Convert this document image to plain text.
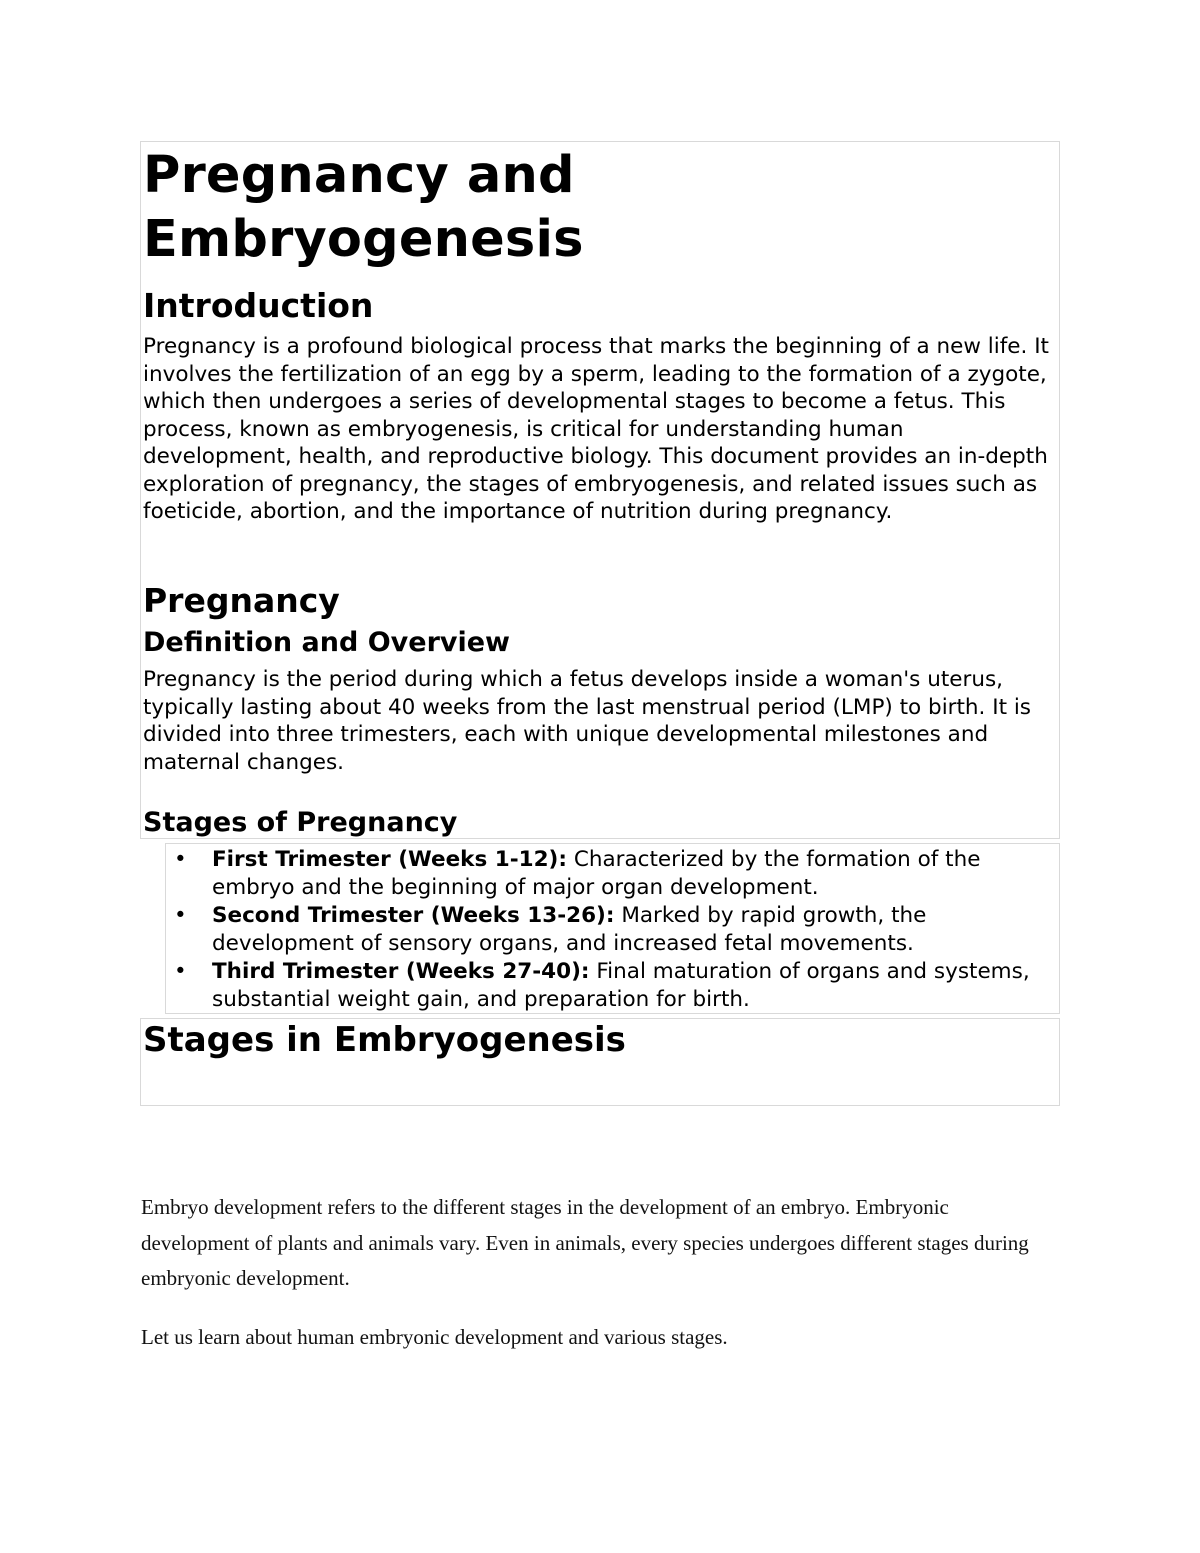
Pregnancy and
Embryogenesis
Introduction

Pregnancy is a profound biological process that marks the beginning of a new life. It involves the fertilization of an egg by a sperm, leading to the formation of a zygote, which then undergoes a series of developmental stages to become a fetus. This process, known as embryogenesis, is critical for understanding human development, health, and reproductive biology. This document provides an in-depth exploration of pregnancy, the stages of embryogenesis, and related issues such as foeticide, abortion, and the importance of nutrition during pregnancy.

Pregnancy
Definition and Overview

Pregnancy is the period during which a fetus develops inside a woman's uterus, typically lasting about 40 weeks from the last menstrual period (LMP) to birth. It is divided into three trimesters, each with unique developmental milestones and maternal changes.

Stages of Pregnancy
• First Trimester (Weeks 1-12): Characterized by the formation of the embryo and the beginning of major organ development.
• Second Trimester (Weeks 13-26): Marked by rapid growth, the development of sensory organs, and increased fetal movements.
• Third Trimester (Weeks 27-40): Final maturation of organs and systems, substantial weight gain, and preparation for birth.
Stages in Embryogenesis

Embryo development refers to the different stages in the development of an embryo. Embryonic development of plants and animals vary. Even in animals, every species undergoes different stages during embryonic development.

Let us learn about human embryonic development and various stages.
